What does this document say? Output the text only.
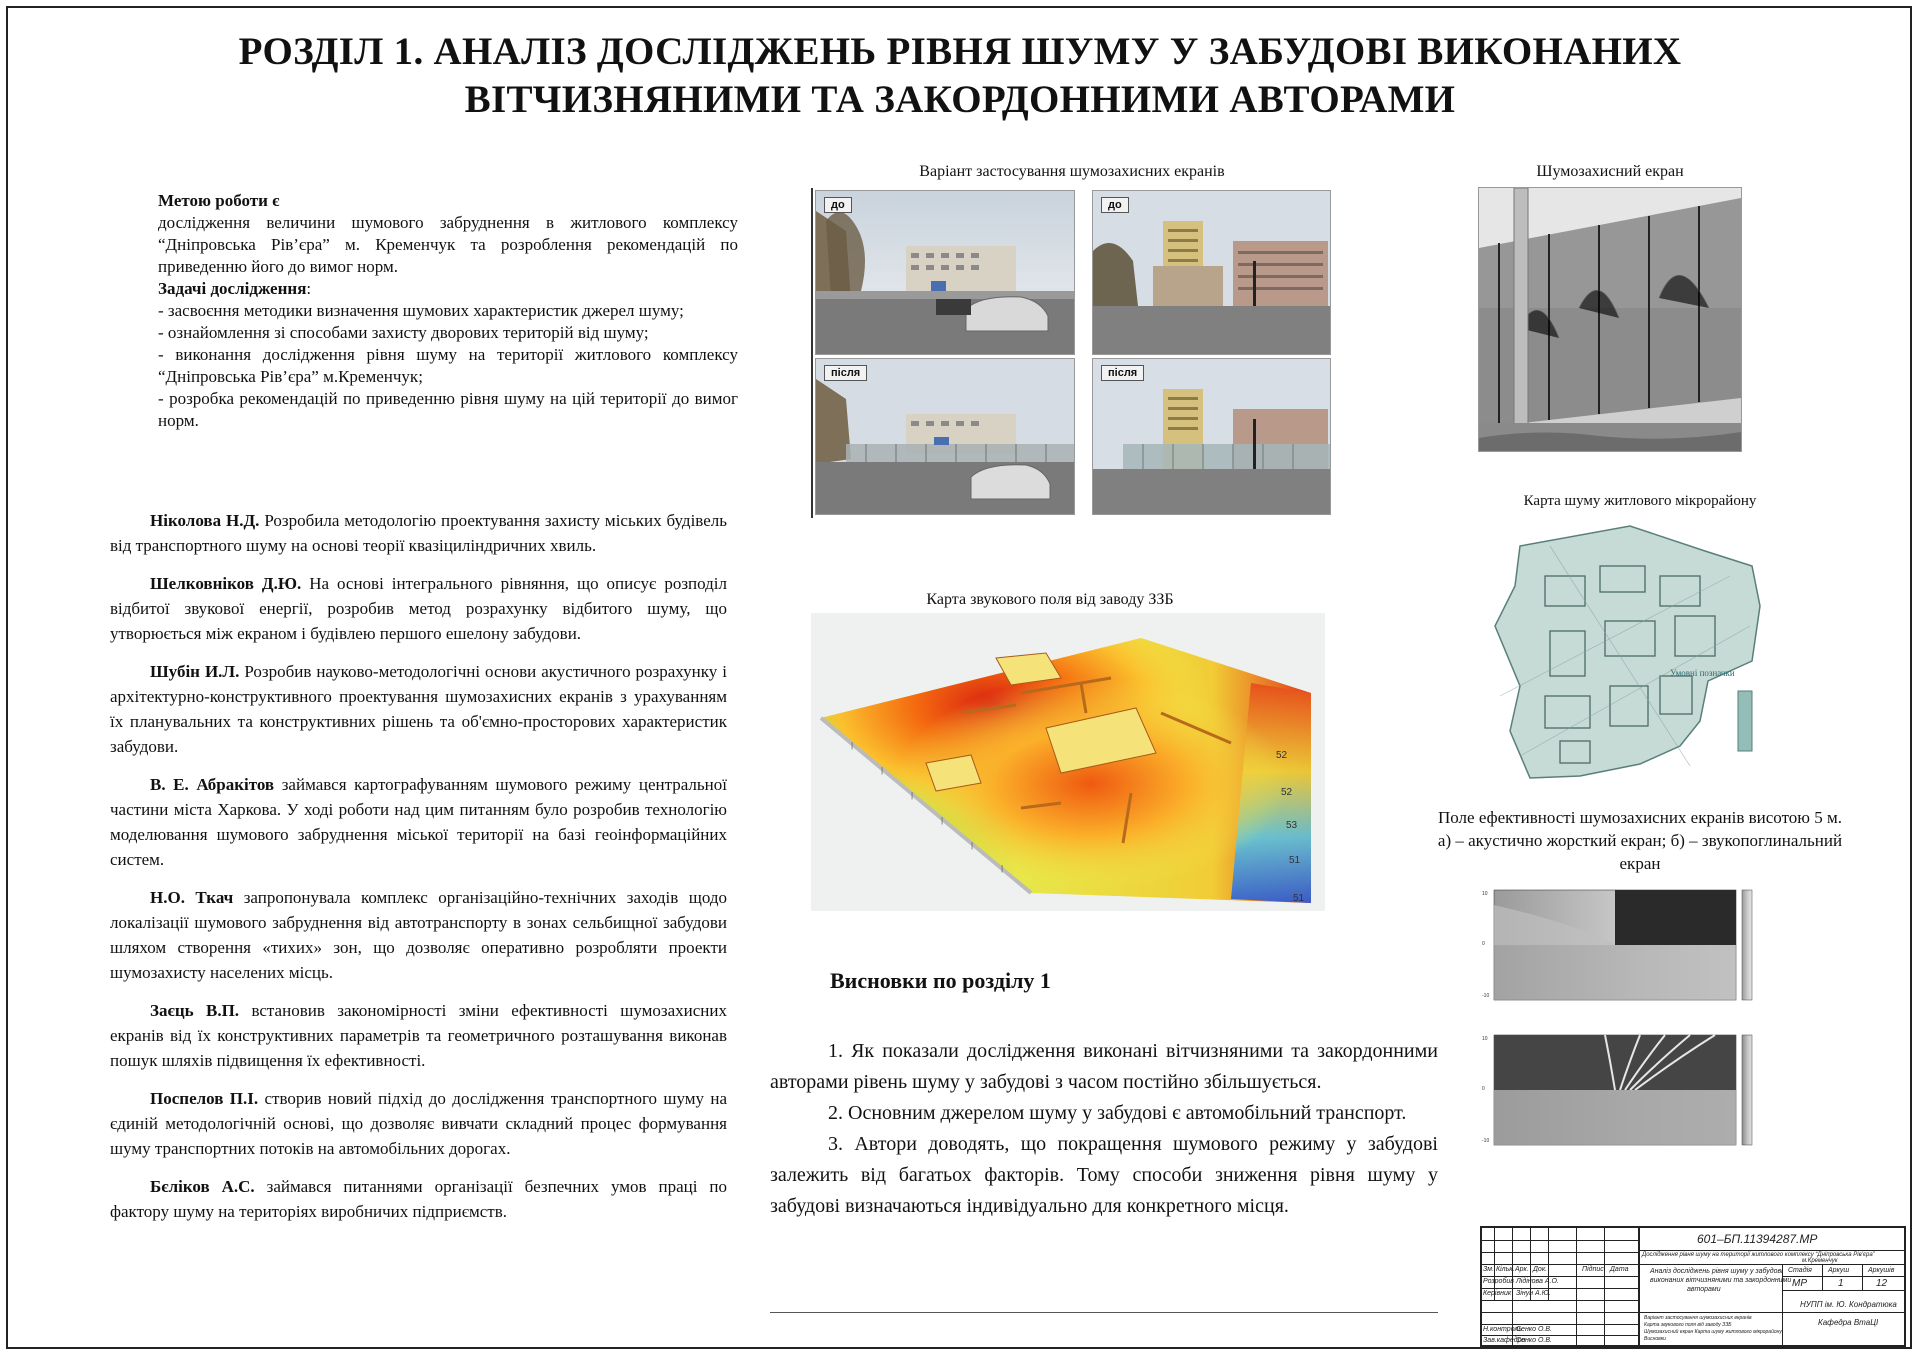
РОЗДІЛ 1. АНАЛІЗ ДОСЛІДЖЕНЬ РІВНЯ ШУМУ У ЗАБУДОВІ ВИКОНАНИХ
ВІТЧИЗНЯНИМИ ТА ЗАКОРДОННИМИ АВТОРАМИ

Метою роботи є

дослідження величини шумового забруднення в житлового комплексу “Дніпровська Рів’єра” м. Кременчук та розроблення рекомендацій по приведенню його до вимог норм.

Задачі дослідження:

- засвоєння методики визначення шумових характеристик джерел шуму;

- ознайомлення зі способами захисту дворових територій від шуму;

- виконання дослідження рівня шуму на території житлового комплексу “Дніпровська Рів’єра” м.Кременчук;

- розробка рекомендацій по приведенню рівня шуму на цій території до вимог норм.

Ніколова Н.Д. Розробила методологію проектування захисту міських будівель від транспортного шуму на основі теорії квазіциліндричних хвиль.

Шелковніков Д.Ю. На основі інтегрального рівняння, що описує розподіл відбитої звукової енергії, розробив метод розрахунку відбитого шуму, що утворюється між екраном і будівлею першого ешелону забудови.

Шубін И.Л. Розробив науково-методологічні основи акустичного розрахунку і архітектурно-конструктивного проектування шумозахисних екранів з урахуванням їх планувальних та конструктивних рішень та об'ємно-просторових характеристик забудови.

В. Е. Абракітов займався картографуванням шумового режиму центральної частини міста Харкова. У ході роботи над цим питанням було розробив технологію моделювання шумового забруднення міської території на базі геоінформаційних систем.

Н.О. Ткач запропонувала комплекс організаційно-технічних заходів щодо локалізації шумового забруднення від автотранспорту в зонах сельбищної забудови шляхом створення «тихих» зон, що дозволяє оперативно розробляти проекти шумозахисту населених місць.

Заєць В.П. встановив закономірності зміни ефективності шумозахисних екранів від їх конструктивних параметрів та геометричного розташування виконав пошук шляхів підвищення їх ефективності.

Поспелов П.І. створив новий підхід до дослідження транспортного шуму на єдиній методологічній основі, що дозволяє вивчати складний процес формування шуму транспортних потоків на автомобільних дорогах.

Бєліков А.С. займався питаннями організації безпечних умов праці по фактору шуму на територіях виробничих підприємств.

Варіант застосування шумозахисних екранів
до	до
після	після
Шумозахисний екран
Карта шуму житлового мікрорайону
Умовні позначки
Карта звукового поля від заводу ЗЗБ
|
|
|
|
|
|
52
52
53
51
51
Поле ефективності шумозахисних екранів висотою 5 м.
а) – акустично жорсткий екран; б) – звукопоглинальний
екран
10
0
-10
10
0
-10
Висновки по розділу 1

1. Як показали дослідження виконані вітчизняними та закордонними авторами рівень шуму у забудові з часом постійно збільшується.

2. Основним джерелом шуму у забудові є автомобільний транспорт.

3. Автори доводять, що покращення шумового режиму у забудові залежить від багатьох факторів. Тому способи зниження рівня шуму у забудові визначаються індивідуально для конкретного місця.

601–БП.11394287.МР
Дослідження рівня шуму на території житлового комплексу “Дніпровська Рів’єра”
м.Кременчук
Аналіз досліджень рівня шуму у забудові
виконаних вітчизняними та закордонними
авторами
Зм. Кільк. Арк. Док.	Підпис Дата
Розробив Лідінова А.О.
Керівник Зінун А.Ю.
Н.контроль
Сенко О.В.
Зав.кафедри
Сенко О.В.
Варіант застосування шумозахисних екранів
Карта звукового поля від заводу ЗЗБ
Шумозахисний екран Карта шуму житлового мікрорайону
Висновки
Стадія Аркуш	Аркушів
МР	1	12
НУПП ім. Ю. Кондратюка
Кафедра ВтаЦІ
